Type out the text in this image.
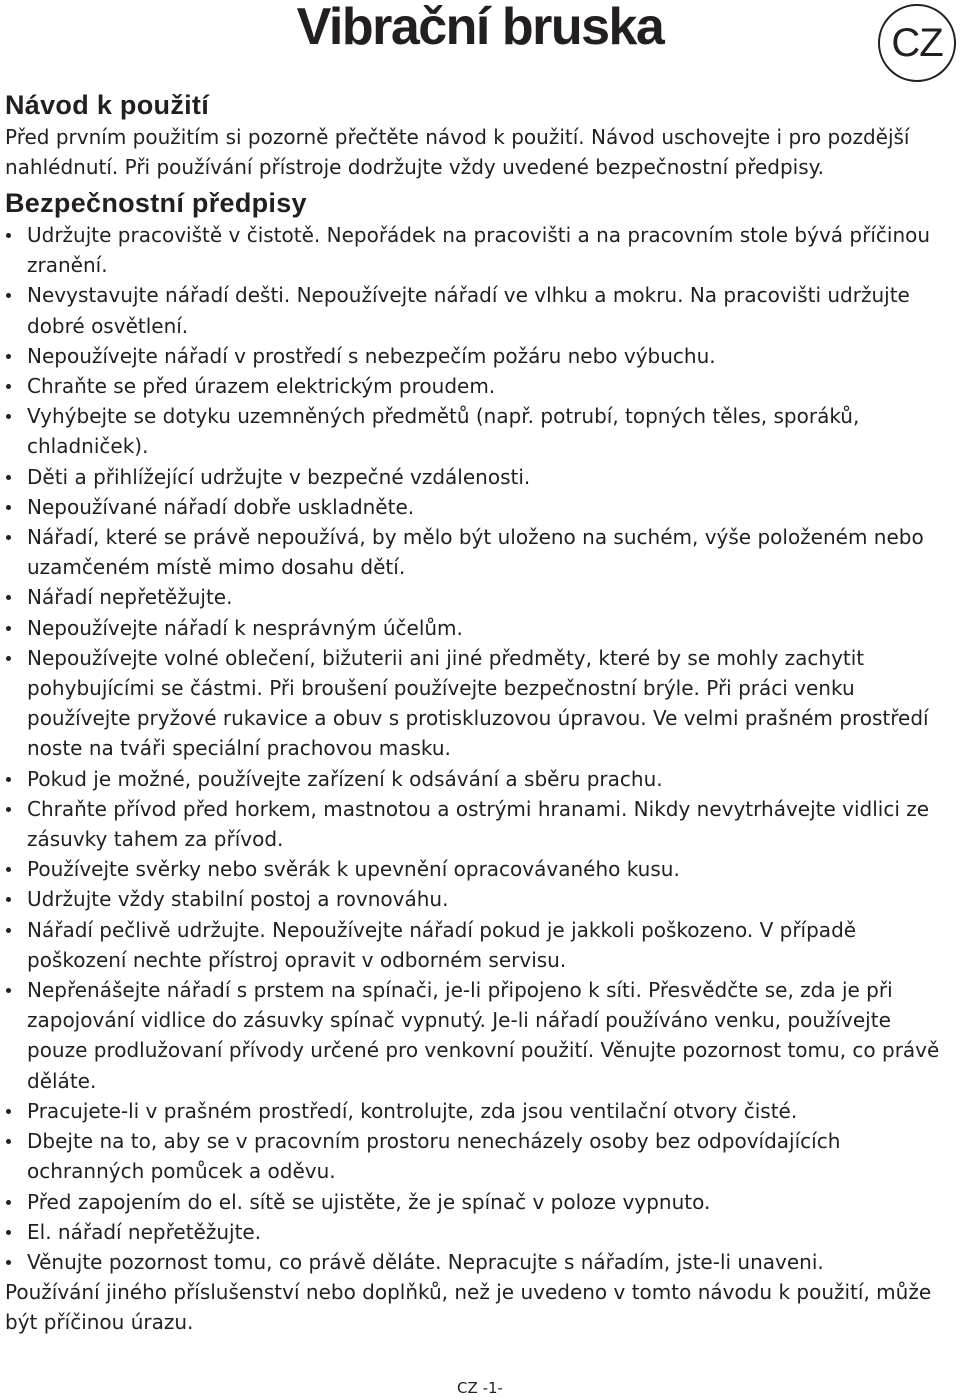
Vibrační bruska	CZ
Návod k použití

Před prvním použitím si pozorně přečtěte návod k použití. Návod uschovejte i pro pozdější nahlédnutí. Při používání přístroje dodržujte vždy uvedené bezpečnostní předpisy.

Bezpečnostní předpisy
Udržujte pracoviště v čistotě. Nepořádek na pracovišti a na pracovním stole bývá příčinou zranění.
Nevystavujte nářadí dešti. Nepoužívejte nářadí ve vlhku a mokru. Na pracovišti udržujte dobré osvětlení.
Nepoužívejte nářadí v prostředí s nebezpečím požáru nebo výbuchu.
Chraňte se před úrazem elektrickým proudem.
Vyhýbejte se dotyku uzemněných předmětů (např. potrubí, topných těles, sporáků, chladniček).
Děti a přihlížející udržujte v bezpečné vzdálenosti.
Nepoužívané nářadí dobře uskladněte.
Nářadí, které se právě nepoužívá, by mělo být uloženo na suchém, výše položeném nebo uzamčeném místě mimo dosahu dětí.
Nářadí nepřetěžujte.
Nepoužívejte nářadí k nesprávným účelům.
Nepoužívejte volné oblečení, bižuterii ani jiné předměty, které by se mohly zachytit pohybujícími se částmi. Při broušení používejte bezpečnostní brýle. Při práci venku používejte pryžové rukavice a obuv s protiskluzovou úpravou. Ve velmi prašném prostředí noste na tváři speciální prachovou masku.
Pokud je možné, používejte zařízení k odsávání a sběru prachu.
Chraňte přívod před horkem, mastnotou a ostrými hranami. Nikdy nevytrhávejte vidlici ze zásuvky tahem za přívod.
Používejte svěrky nebo svěrák k upevnění opracovávaného kusu.
Udržujte vždy stabilní postoj a rovnováhu.
Nářadí pečlivě udržujte. Nepoužívejte nářadí pokud je jakkoli poškozeno. V případě poškození nechte přístroj opravit v odborném servisu.
Nepřenášejte nářadí s prstem na spínači, je-li připojeno k síti. Přesvědčte se, zda je při zapojování vidlice do zásuvky spínač vypnutý. Je-li nářadí používáno venku, používejte pouze prodlužovaní přívody určené pro venkovní použití. Věnujte pozornost tomu, co právě děláte.
Pracujete-li v prašném prostředí, kontrolujte, zda jsou ventilační otvory čisté.
Dbejte na to, aby se v pracovním prostoru nenecházely osoby bez odpovídajících ochranných pomůcek a oděvu.
Před zapojením do el. sítě se ujistěte, že je spínač v poloze vypnuto.
El. nářadí nepřetěžujte.
Věnujte pozornost tomu, co právě děláte. Nepracujte s nářadím, jste-li unaveni.

Používání jiného příslušenství nebo doplňků, než je uvedeno v tomto návodu k použití, může být příčinou úrazu.

CZ -1-
